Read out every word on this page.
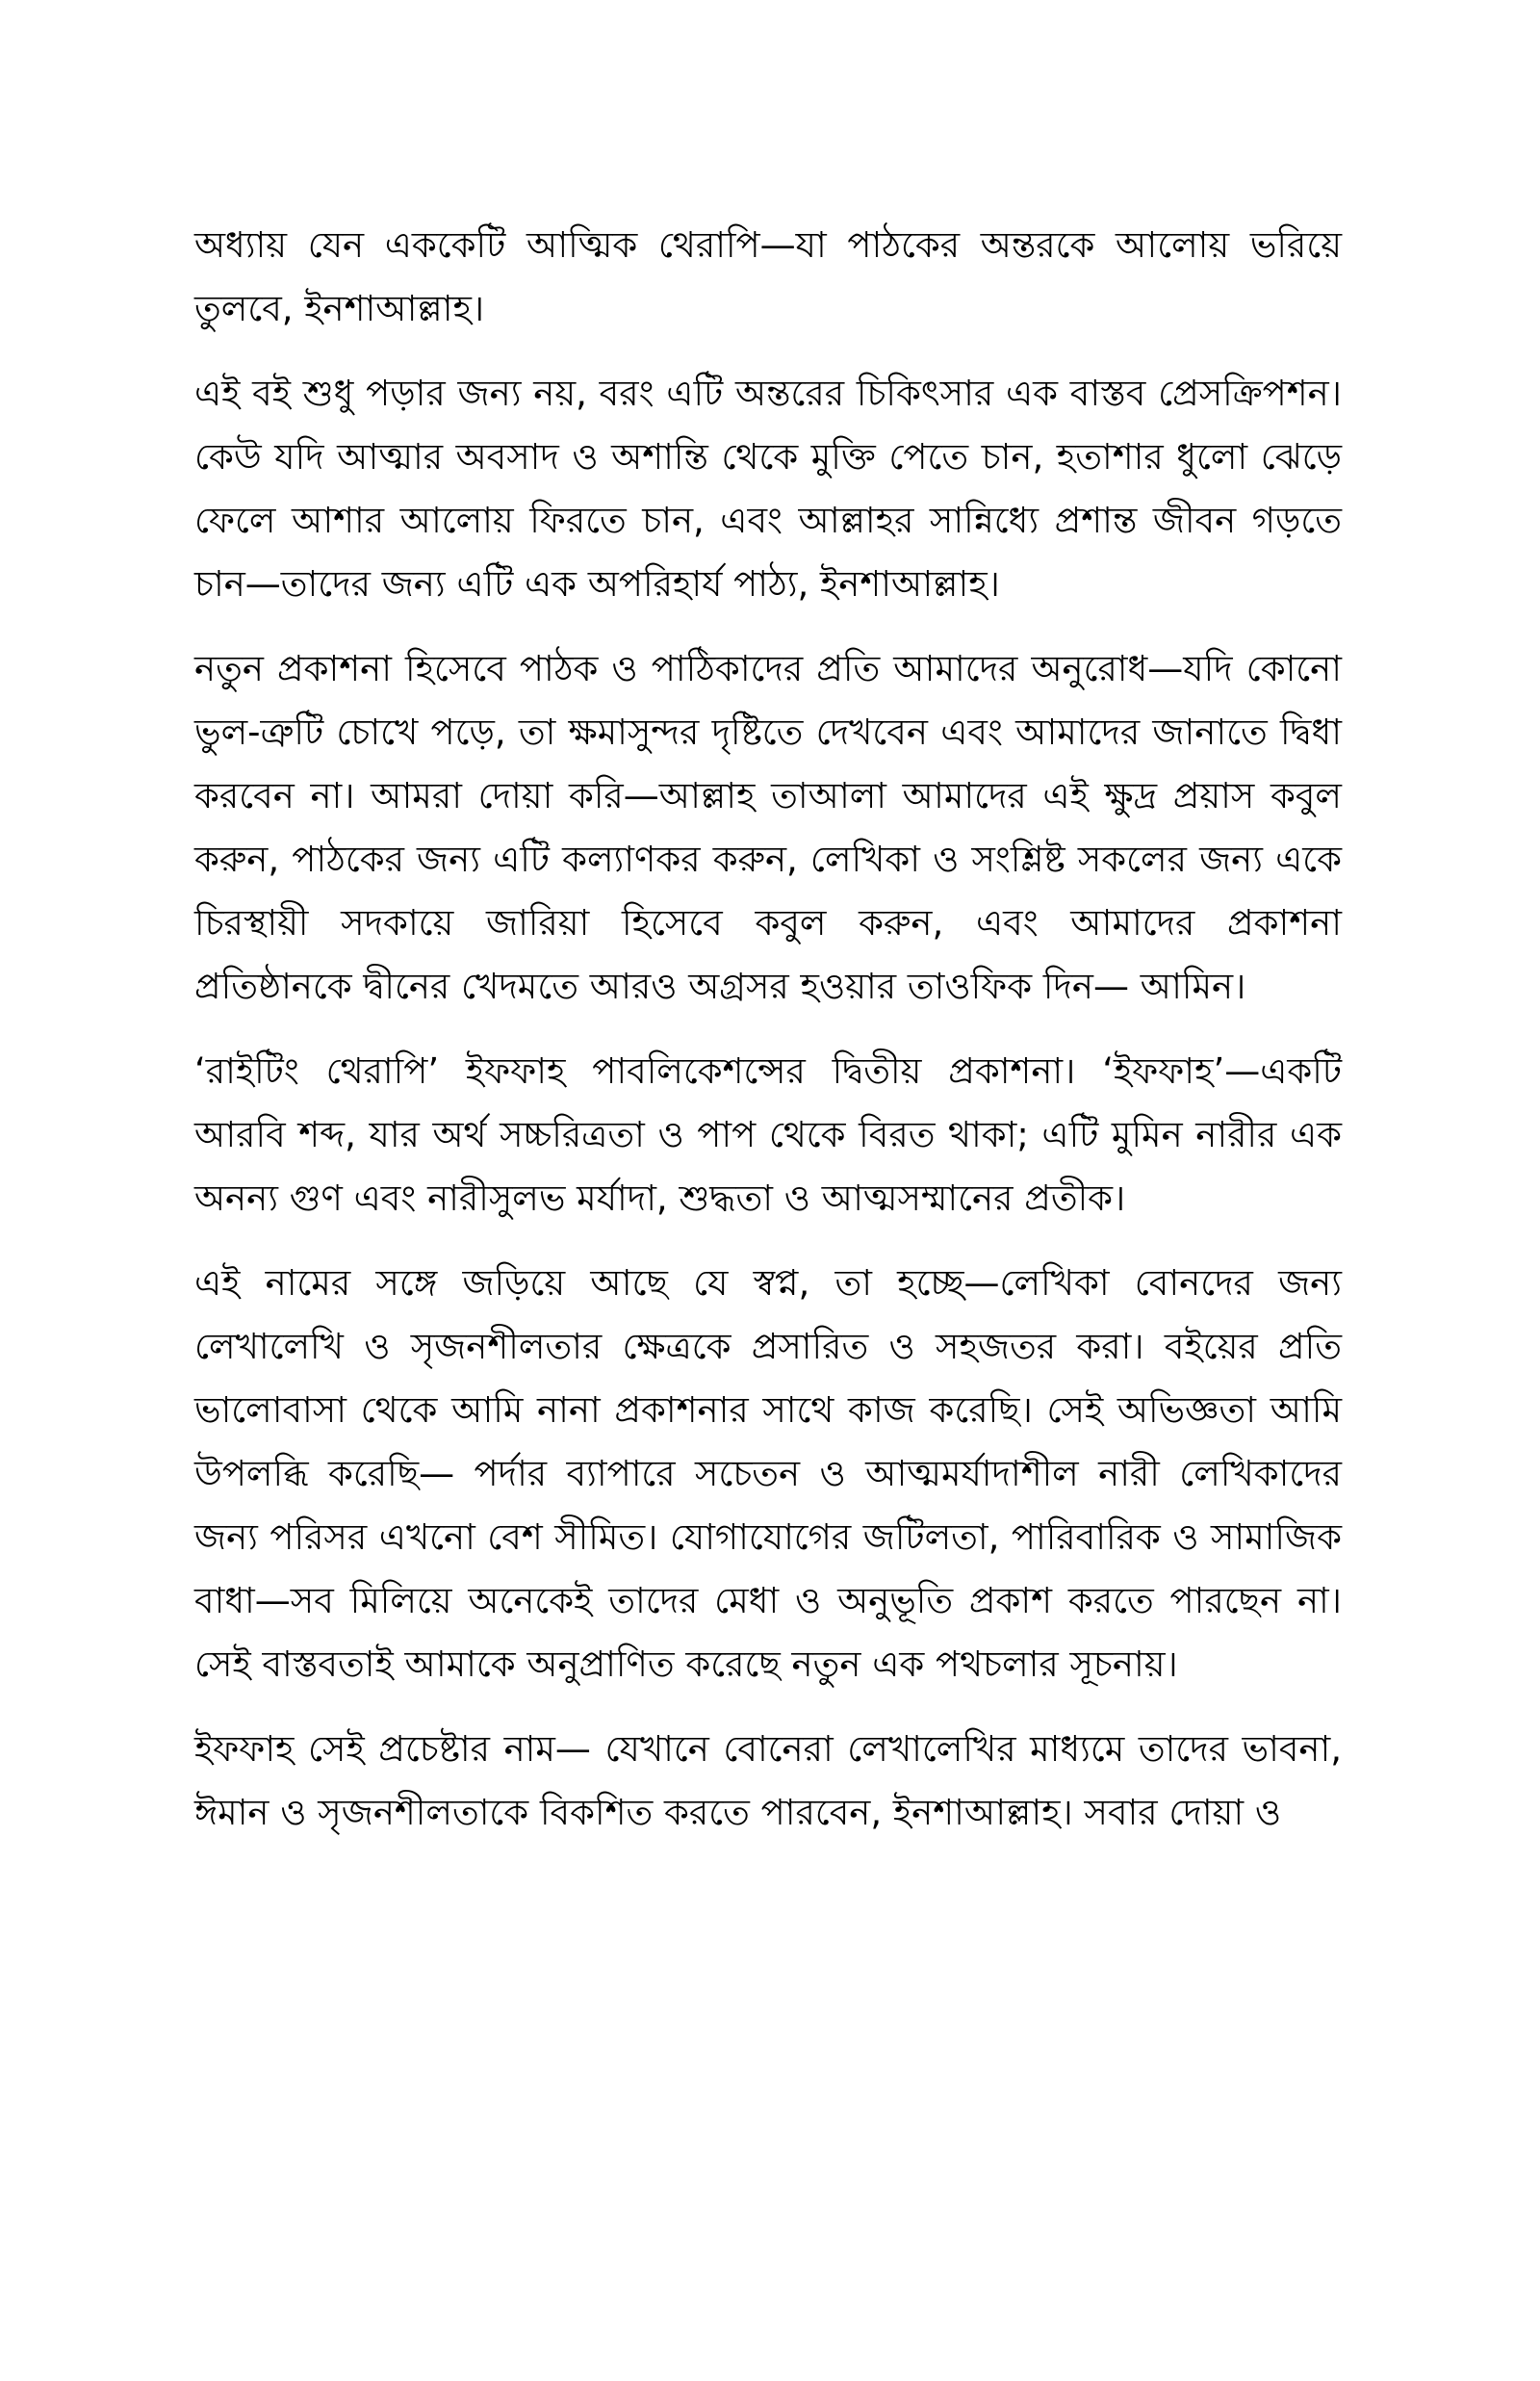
অধ্যায় যেন এককেটি আত্মিক থেরাপি—যা পাঠকের অন্তরকে আলোয় ভরিয়ে তুলবে, ইনশাআল্লাহ।

এই বই শুধু পড়ার জন্য নয়, বরং এটি অন্তরের চিকিৎসার এক বাস্তব প্রেসক্রিপশন। কেউ যদি আত্মার অবসাদ ও অশান্তি থেকে মুক্তি পেতে চান, হতাশার ধুলো ঝেড়ে ফেলে আশার আলোয় ফিরতে চান, এবং আল্লাহর সান্নিধ্যে প্রশান্ত জীবন গড়তে চান—তাদের জন্য এটি এক অপরিহার্য পাঠ্য, ইনশাআল্লাহ।

নতুন প্রকাশনা হিসেবে পাঠক ও পাঠিকাদের প্রতি আমাদের অনুরোধ—যদি কোনো ভুল-ত্রুটি চোখে পড়ে, তা ক্ষমাসুন্দর দৃষ্টিতে দেখবেন এবং আমাদের জানাতে দ্বিধা করবেন না। আমরা দোয়া করি—আল্লাহ তাআলা আমাদের এই ক্ষুদ্র প্রয়াস কবুল করুন, পাঠকের জন্য এটি কল্যাণকর করুন, লেখিকা ও সংশ্লিষ্ট সকলের জন্য একে চিরস্থায়ী সদকায়ে জারিয়া হিসেবে কবুল করুন, এবং আমাদের প্রকাশনা প্রতিষ্ঠানকে দ্বীনের খেদমতে আরও অগ্রসর হওয়ার তাওফিক দিন— আমিন।

‘রাইটিং থেরাপি’ ইফফাহ পাবলিকেশন্সের দ্বিতীয় প্রকাশনা। ‘ইফফাহ’—একটি আরবি শব্দ, যার অর্থ সচ্চরিত্রতা ও পাপ থেকে বিরত থাকা; এটি মুমিন নারীর এক অনন্য গুণ এবং নারীসুলভ মর্যাদা, শুদ্ধতা ও আত্মসম্মানের প্রতীক।

এই নামের সঙ্গে জড়িয়ে আছে যে স্বপ্ন, তা হচ্ছে—লেখিকা বোনদের জন্য লেখালেখি ও সৃজনশীলতার ক্ষেত্রকে প্রসারিত ও সহজতর করা। বইয়ের প্রতি ভালোবাসা থেকে আমি নানা প্রকাশনার সাথে কাজ করেছি। সেই অভিজ্ঞতা আমি উপলব্ধি করেছি— পর্দার ব্যাপারে সচেতন ও আত্মমর্যাদাশীল নারী লেখিকাদের জন্য পরিসর এখনো বেশ সীমিত। যোগাযোগের জটিলতা, পারিবারিক ও সামাজিক বাধা—সব মিলিয়ে অনেকেই তাদের মেধা ও অনুভূতি প্রকাশ করতে পারছেন না। সেই বাস্তবতাই আমাকে অনুপ্রাণিত করেছে নতুন এক পথচলার সূচনায়।

ইফফাহ সেই প্রচেষ্টার নাম— যেখানে বোনেরা লেখালেখির মাধ্যমে তাদের ভাবনা, ঈমান ও সৃজনশীলতাকে বিকশিত করতে পারবেন, ইনশাআল্লাহ। সবার দোয়া ও
